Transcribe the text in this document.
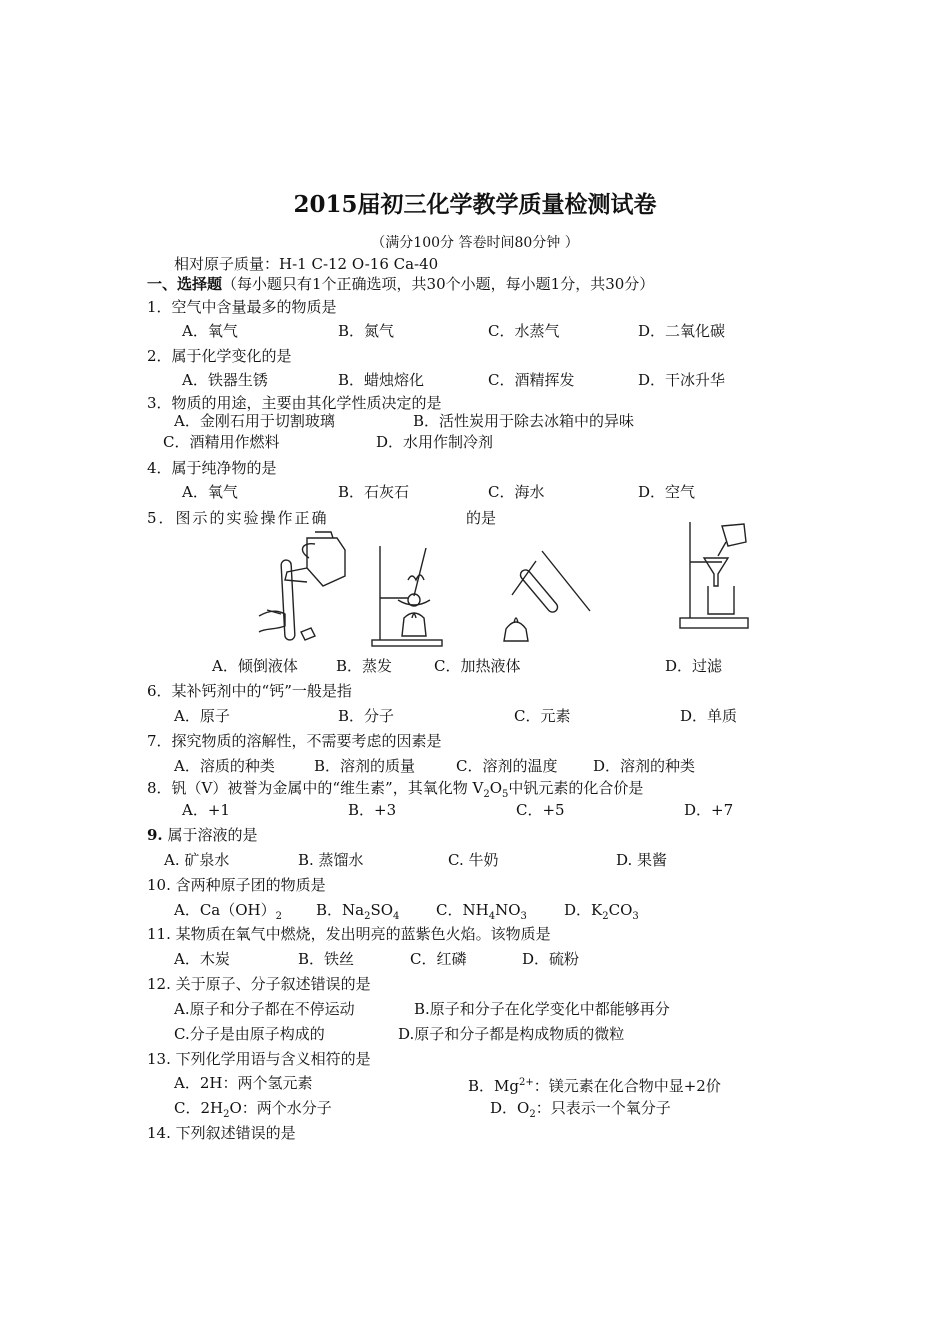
2015届初三化学教学质量检测试卷
（满分100分 答卷时间80分钟 ）
相对原子质量：H-1 C-12 O-16 Ca-40
一、选择题（每小题只有1个正确选项，共30个小题，每小题1分，共30分）
1．空气中含量最多的物质是
A．氧气	B．氮气	C．水蒸气	D．二氧化碳
2．属于化学变化的是
A．铁器生锈	B．蜡烛熔化	C．酒精挥发	D．干冰升华
3．物质的用途，主要由其化学性质决定的是
A．金刚石用于切割玻璃	B．活性炭用于除去冰箱中的异味
C．酒精用作燃料	D．水用作制冷剂
4．属于纯净物的是
A．氧气	B．石灰石	C．海水	D．空气
5．图示的实验操作正确	的是
A．倾倒液体	B．蒸发	C．加热液体	D．过滤
6．某补钙剂中的“钙”一般是指
A．原子	B．分子	C．元素	D．单质
7．探究物质的溶解性，不需要考虑的因素是
A．溶质的种类	B．溶剂的质量	C．溶剂的温度 D．溶剂的种类
8．钒（V）被誉为金属中的“维生素”，其氧化物 $V_2O_5$中钒元素的化合价是
A．+1	B．+3	C．+5	D．+7
9. 属于溶液的是
A. 矿泉水	B. 蒸馏水	C. 牛奶	D. 果酱
10. 含两种原子团的物质是
A．$Ca(OH)_2$ B．$Na_2SO_4$ C．$NH_4NO_3$ D．$K_2CO_3$
11. 某物质在氧气中燃烧，发出明亮的蓝紫色火焰。该物质是
A．木炭	B．铁丝	C．红磷	D．硫粉
12. 关于原子、分子叙述错误的是
A.原子和分子都在不停运动	B.原子和分子在化学变化中都能够再分
C.分子是由原子构成的	D.原子和分子都是构成物质的微粒
13. 下列化学用语与含义相符的是
A．2H：两个氢元素	B．$Mg^{2+}$：镁元素在化合物中显+2价
C．$2H_2O$：两个水分子	D．$O_2$：只表示一个氧分子
14. 下列叙述错误的是
